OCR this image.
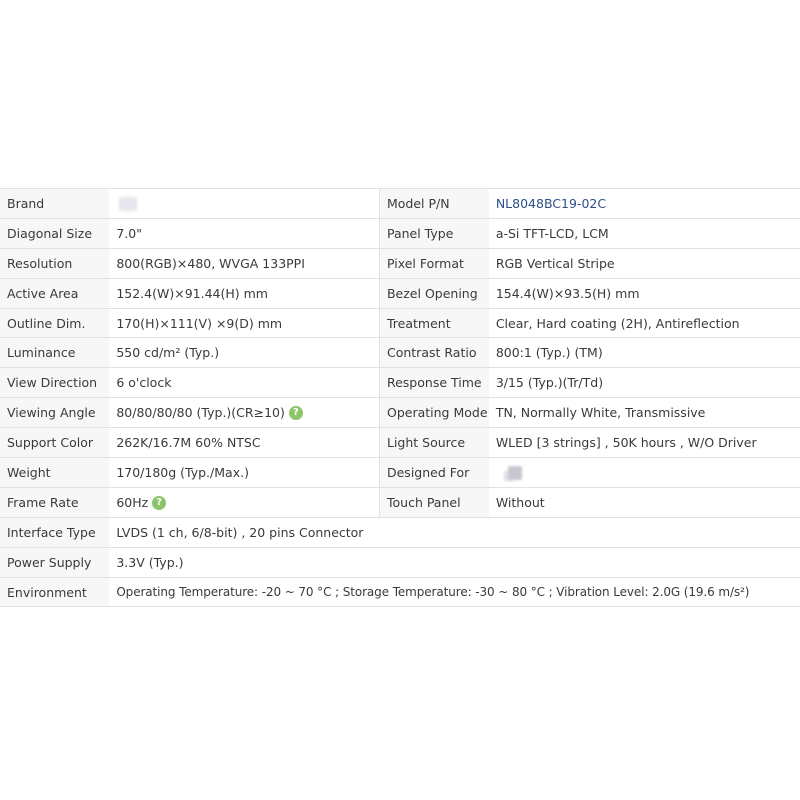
Brand		Model P/N	NL8048BC19-02C
Diagonal Size	7.0"	Panel Type	a-Si TFT-LCD, LCM
Resolution	800(RGB)×480, WVGA 133PPI	Pixel Format	RGB Vertical Stripe
Active Area	152.4(W)×91.44(H) mm	Bezel Opening	154.4(W)×93.5(H) mm
Outline Dim.	170(H)×111(V) ×9(D) mm	Treatment	Clear, Hard coating (2H), Antireflection
Luminance	550 cd/m² (Typ.)	Contrast Ratio	800:1 (Typ.) (TM)
View Direction	6 o'clock	Response Time	3/15 (Typ.)(Tr/Td)
Viewing Angle	80/80/80/80 (Typ.)(CR≥10) ?	Operating Mode	TN, Normally White, Transmissive
Support Color	262K/16.7M 60% NTSC	Light Source	WLED [3 strings] , 50K hours , W/O Driver
Weight	170/180g (Typ./Max.)	Designed For	
Frame Rate	60Hz ?	Touch Panel	Without
Interface Type	LVDS (1 ch, 6/8-bit) , 20 pins Connector		
Power Supply	3.3V (Typ.)		
Environment	Operating Temperature: -20 ~ 70 °C ; Storage Temperature: -30 ~ 80 °C ; Vibration Level: 2.0G (19.6 m/s²)		
